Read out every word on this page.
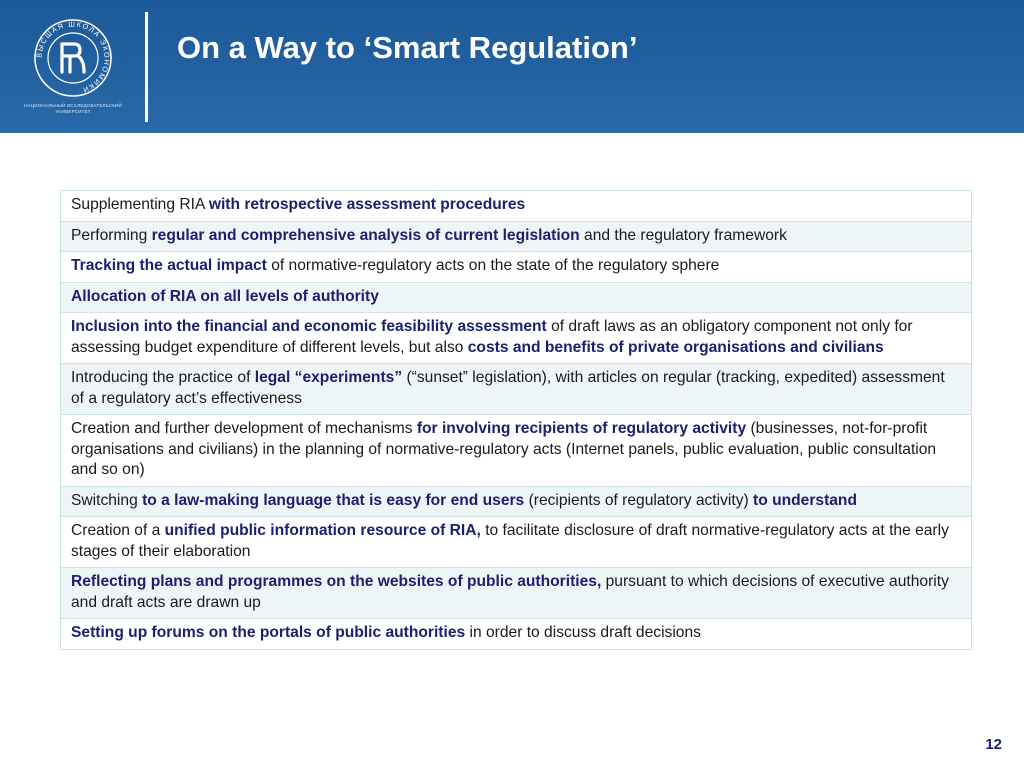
ВЫСШАЯ ШКОЛА ЭКОНОМИКИ
НАЦИОНАЛЬНЫЙ ИССЛЕДОВАТЕЛЬСКИЙ
УНИВЕРСИТЕТ
On a Way to ‘Smart Regulation’
Supplementing RIA with retrospective assessment procedures
Performing regular and comprehensive analysis of current legislation and the regulatory framework
Tracking the actual impact of normative-regulatory acts on the state of the regulatory sphere
Allocation of RIA on all levels of authority
Inclusion into the financial and economic feasibility assessment of draft laws as an obligatory component not only for assessing budget expenditure of different levels, but also costs and benefits of private organisations and civilians
Introducing the practice of legal “experiments” (“sunset” legislation), with articles on regular (tracking, expedited) assessment of a regulatory act’s effectiveness
Creation and further development of mechanisms for involving recipients of regulatory activity (businesses, not-for-profit organisations and civilians) in the planning of normative-regulatory acts (Internet panels, public evaluation, public consultation and so on)
Switching to a law-making language that is easy for end users (recipients of regulatory activity) to understand
Creation of a unified public information resource of RIA, to facilitate disclosure of draft normative-regulatory acts at the early stages of their elaboration
Reflecting plans and programmes on the websites of public authorities, pursuant to which decisions of executive authority and draft acts are drawn up
Setting up forums on the portals of public authorities in order to discuss draft decisions
12
